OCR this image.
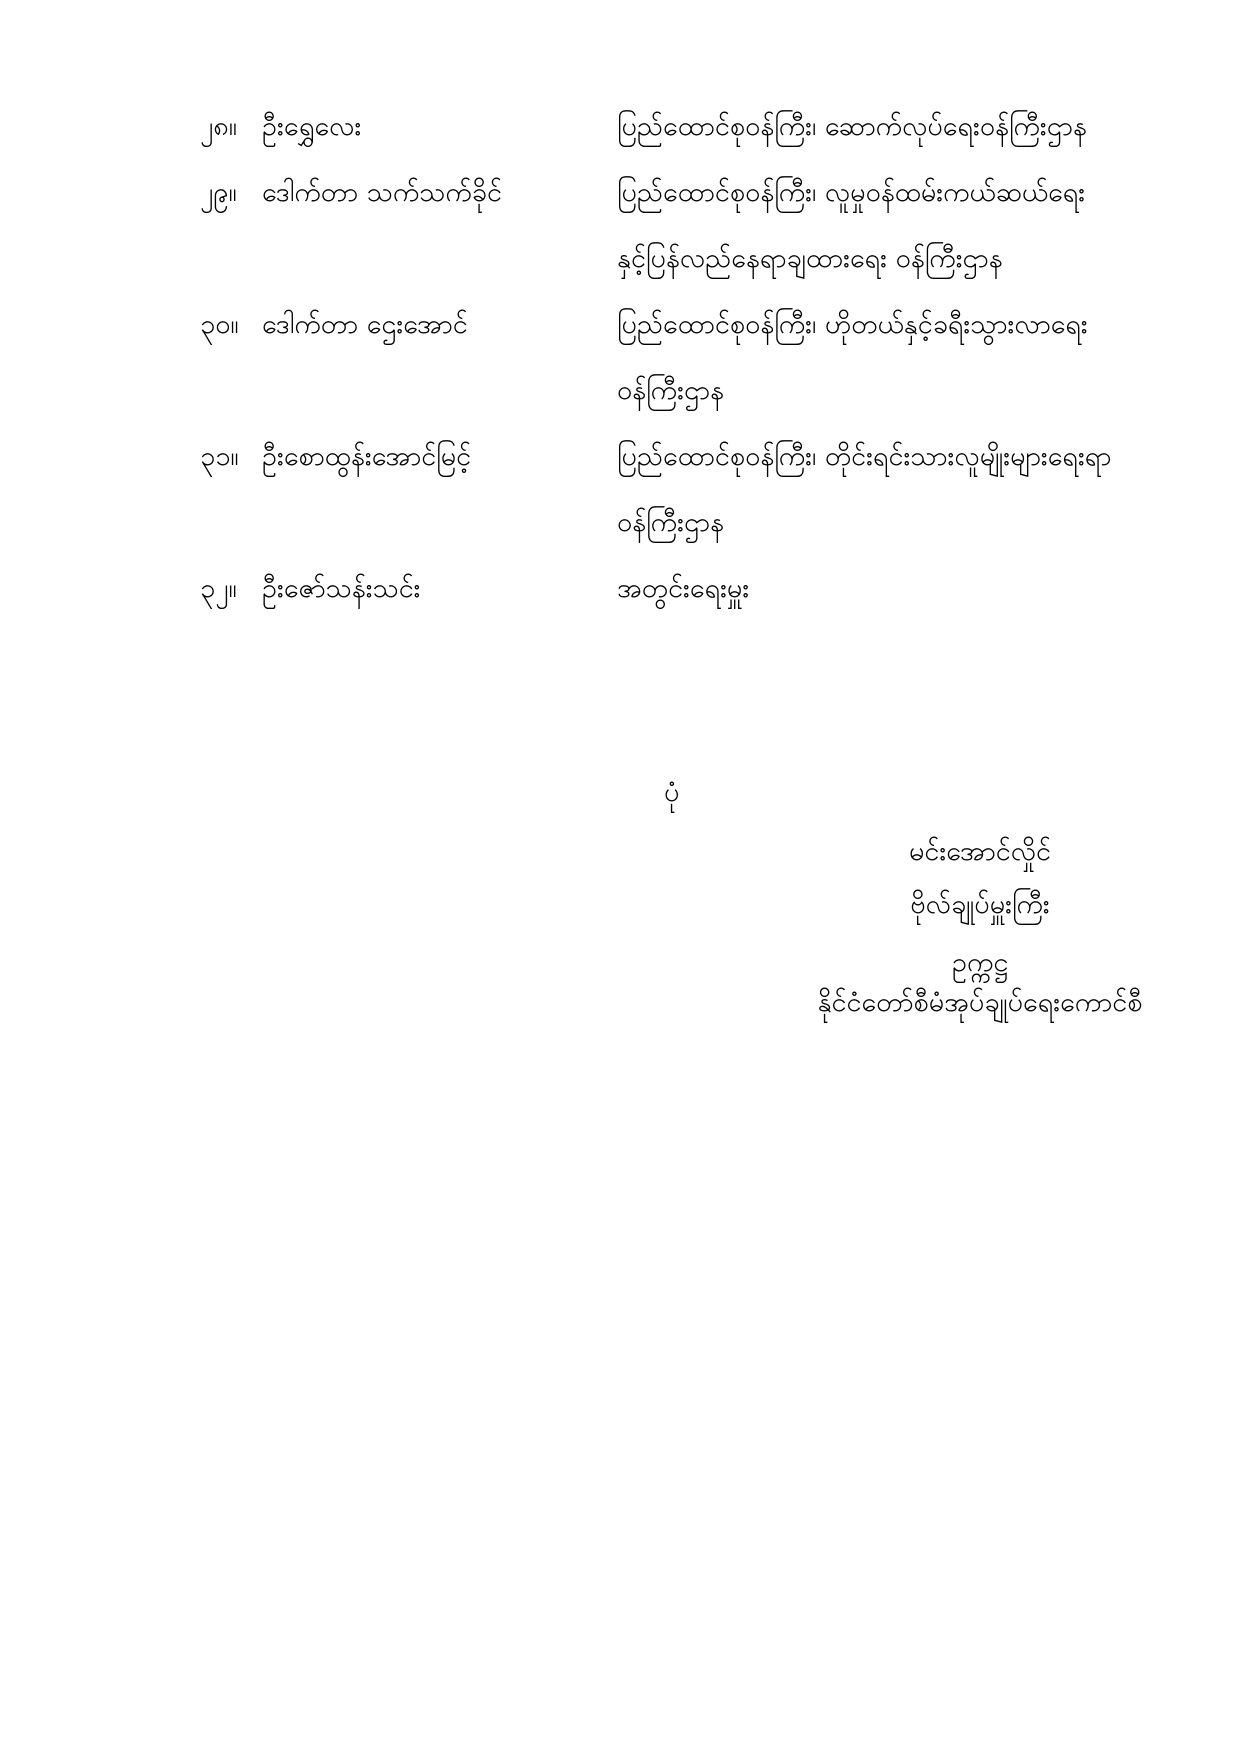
၂၈။ ဦးရွှေလေး	ပြည်ထောင်စုဝန်ကြီး၊ ဆောက်လုပ်ရေးဝန်ကြီးဌာန
၂၉။ ဒေါက်တာ သက်သက်ခိုင်	ပြည်ထောင်စုဝန်ကြီး၊ လူမှုဝန်ထမ်းကယ်ဆယ်ရေး
နှင့်ပြန်လည်နေရာချထားရေး ဝန်ကြီးဌာန
၃၀။ ဒေါက်တာ ဌေးအောင်	ပြည်ထောင်စုဝန်ကြီး၊ ဟိုတယ်နှင့်ခရီးသွားလာရေး
ဝန်ကြီးဌာန
၃၁။ ဦးစောထွန်းအောင်မြင့်	ပြည်ထောင်စုဝန်ကြီး၊ တိုင်းရင်းသားလူမျိုးများရေးရာ
ဝန်ကြီးဌာန
၃၂။ ဦးဇော်သန်းသင်း	အတွင်းရေးမှူး
ပုံ
မင်းအောင်လှိုင်
ဗိုလ်ချုပ်မှူးကြီး
ဥက္ကဋ္ဌ
နိုင်ငံတော်စီမံအုပ်ချုပ်ရေးကောင်စီ
